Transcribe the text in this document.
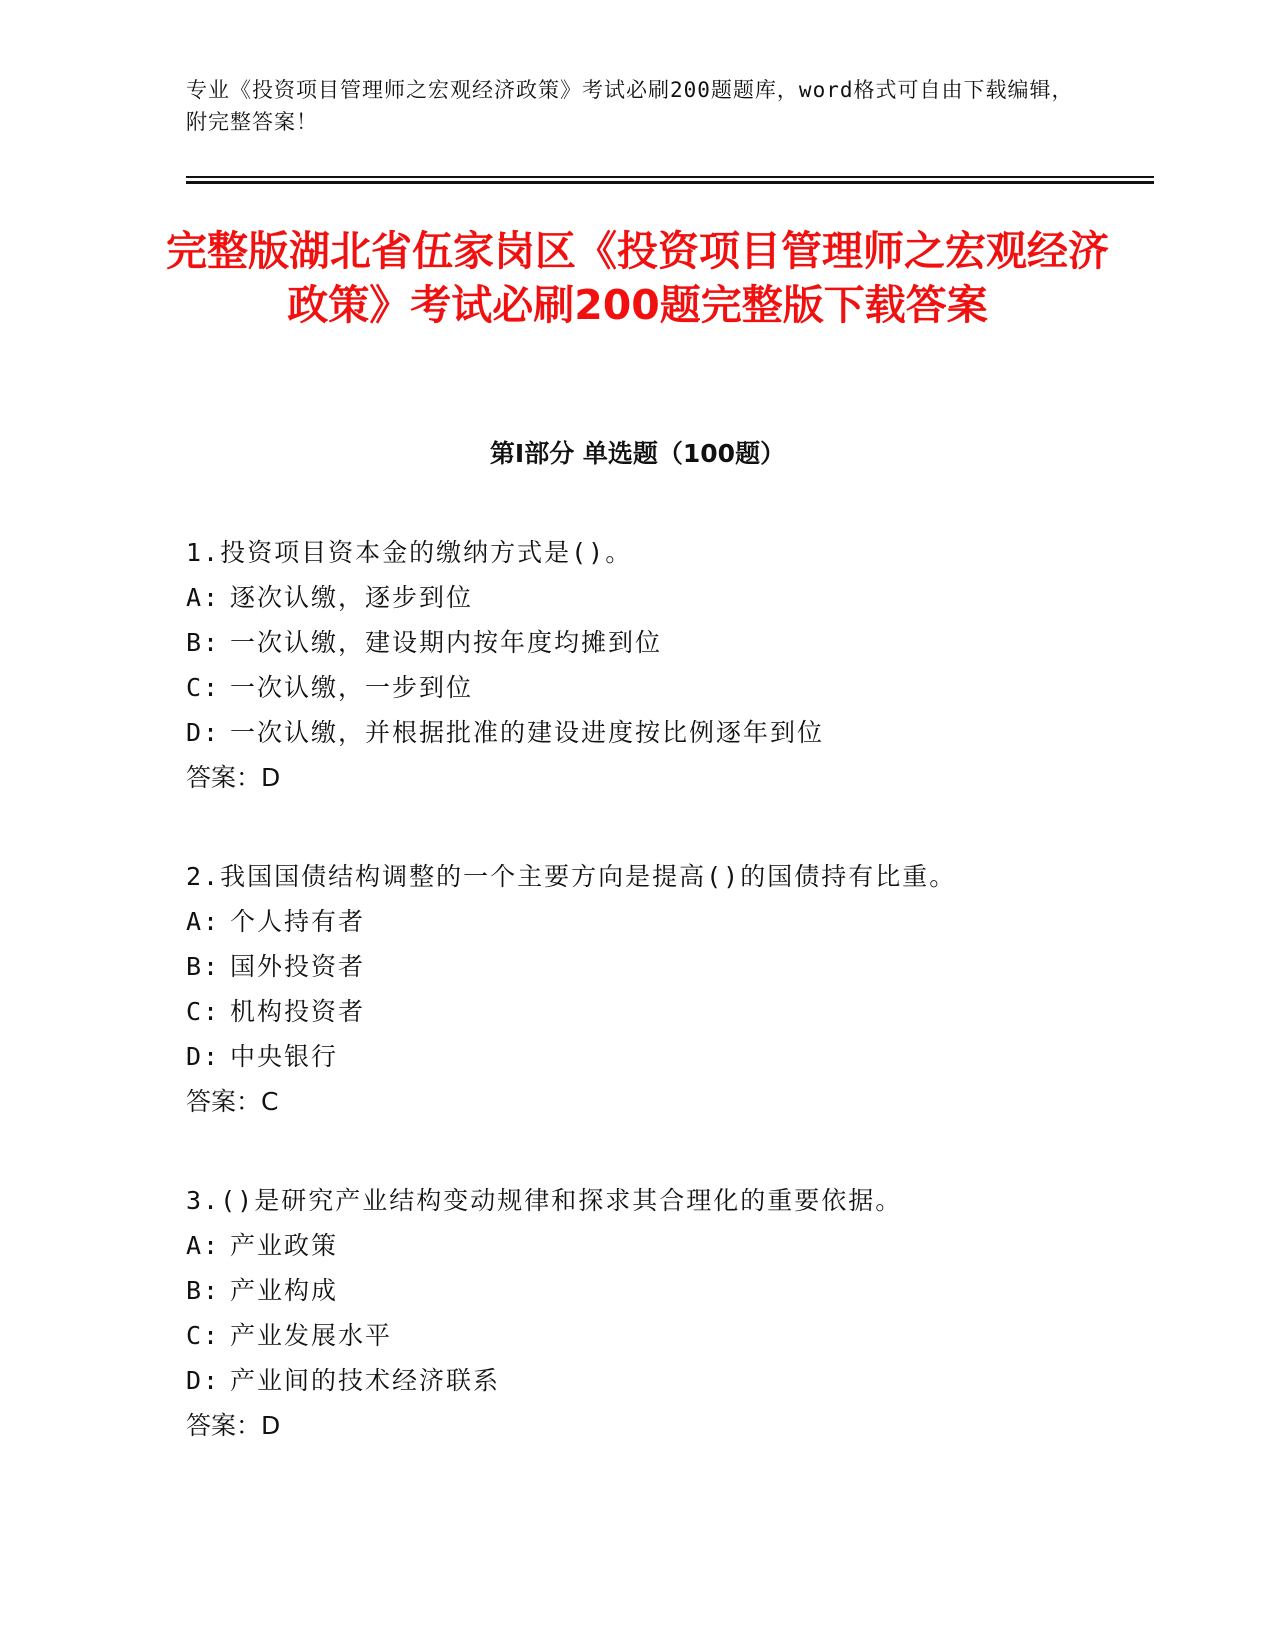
专业《投资项目管理师之宏观经济政策》考试必刷200题题库，word格式可自由下载编辑，附完整答案！
完整版湖北省伍家岗区《投资项目管理师之宏观经济政策》考试必刷200题完整版下载答案
第Ⅰ部分 单选题（100题）
1.投资项目资本金的缴纳方式是()。
A: 逐次认缴，逐步到位
B: 一次认缴，建设期内按年度均摊到位
C: 一次认缴，一步到位
D: 一次认缴，并根据批准的建设进度按比例逐年到位
答案：D
2.我国国债结构调整的一个主要方向是提高()的国债持有比重。
A: 个人持有者
B: 国外投资者
C: 机构投资者
D: 中央银行
答案：C
3.()是研究产业结构变动规律和探求其合理化的重要依据。
A: 产业政策
B: 产业构成
C: 产业发展水平
D: 产业间的技术经济联系
答案：D
